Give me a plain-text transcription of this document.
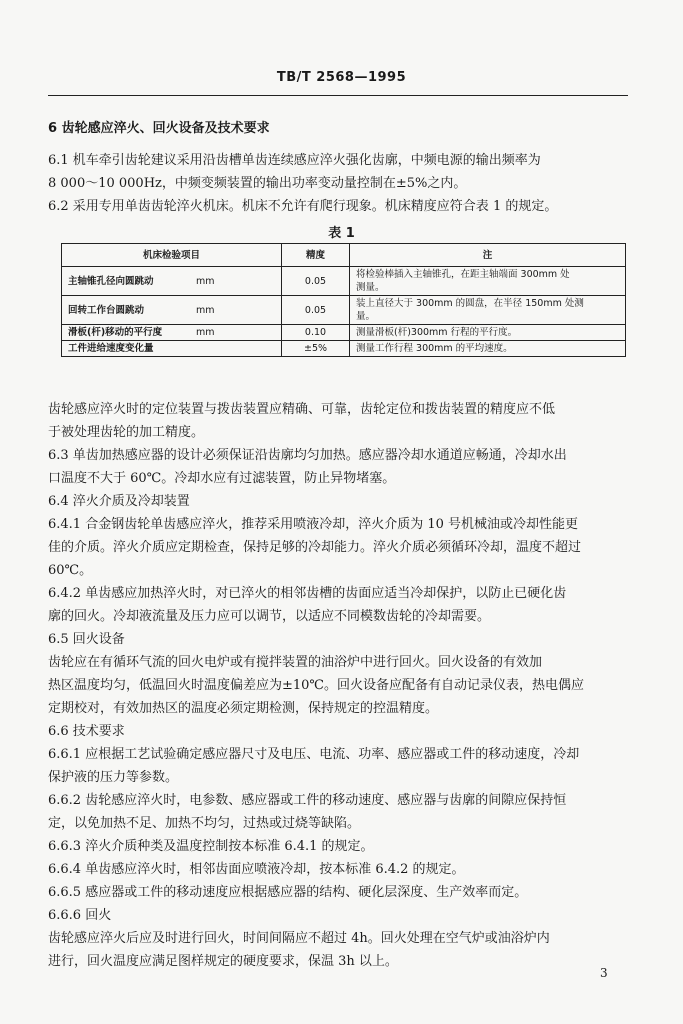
TB/T 2568—1995
6 齿轮感应淬火、回火设备及技术要求
6.1 机车牵引齿轮建议采用沿齿槽单齿连续感应淬火强化齿廓，中频电源的输出频率为
8 000～10 000Hz，中频变频装置的输出功率变动量控制在±5%之内。
6.2 采用专用单齿齿轮淬火机床。机床不允许有爬行现象。机床精度应符合表 1 的规定。
表 1
机床检验项目	精度	注
主轴锥孔径向圆跳动 mm	0.05	将检验棒插入主轴锥孔，在距主轴端面 300mm 处
测量。

回转工作台圆跳动 mm	0.05	装上直径大于 300mm 的圆盘，在半径 150mm 处测
量。

滑板(杆)移动的平行度 mm	0.10	测量滑板(杆)300mm 行程的平行度。

工件进给速度变化量	±5%	测量工作行程 300mm 的平均速度。
齿轮感应淬火时的定位装置与拨齿装置应精确、可靠，齿轮定位和拨齿装置的精度应不低
于被处理齿轮的加工精度。
6.3 单齿加热感应器的设计必须保证沿齿廓均匀加热。感应器冷却水通道应畅通，冷却水出
口温度不大于 60℃。冷却水应有过滤装置，防止异物堵塞。
6.4 淬火介质及冷却装置
6.4.1 合金钢齿轮单齿感应淬火，推荐采用喷液冷却，淬火介质为 10 号机械油或冷却性能更
佳的介质。淬火介质应定期检查，保持足够的冷却能力。淬火介质必须循环冷却，温度不超过
60℃。
6.4.2 单齿感应加热淬火时，对已淬火的相邻齿槽的齿面应适当冷却保护，以防止已硬化齿
廓的回火。冷却液流量及压力应可以调节，以适应不同模数齿轮的冷却需要。
6.5 回火设备
齿轮应在有循环气流的回火电炉或有搅拌装置的油浴炉中进行回火。回火设备的有效加
热区温度均匀，低温回火时温度偏差应为±10℃。回火设备应配备有自动记录仪表，热电偶应
定期校对，有效加热区的温度必须定期检测，保持规定的控温精度。
6.6 技术要求
6.6.1 应根据工艺试验确定感应器尺寸及电压、电流、功率、感应器或工件的移动速度，冷却
保护液的压力等参数。
6.6.2 齿轮感应淬火时，电参数、感应器或工件的移动速度、感应器与齿廓的间隙应保持恒
定，以免加热不足、加热不均匀，过热或过烧等缺陷。
6.6.3 淬火介质种类及温度控制按本标准 6.4.1 的规定。
6.6.4 单齿感应淬火时，相邻齿面应喷液冷却，按本标准 6.4.2 的规定。
6.6.5 感应器或工件的移动速度应根据感应器的结构、硬化层深度、生产效率而定。
6.6.6 回火
齿轮感应淬火后应及时进行回火，时间间隔应不超过 4h。回火处理在空气炉或油浴炉内
进行，回火温度应满足图样规定的硬度要求，保温 3h 以上。
3
